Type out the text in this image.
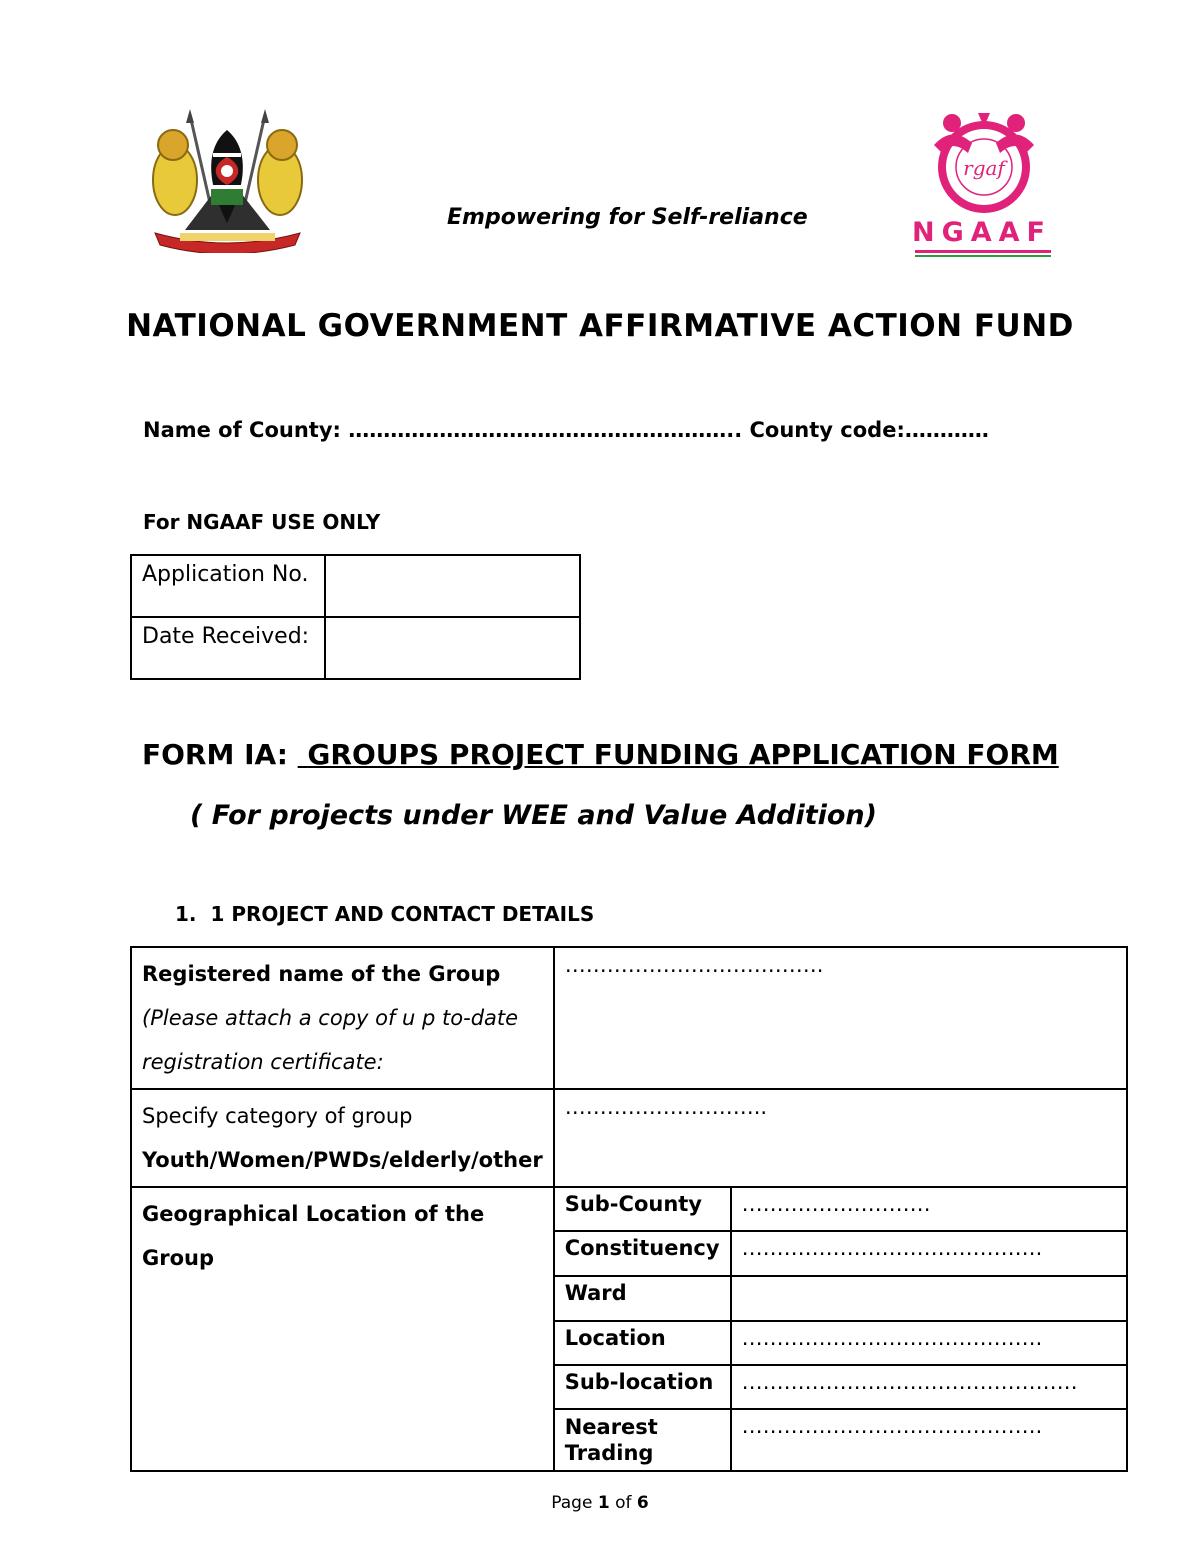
Empowering for Self-reliance
rgaf
NGAAF
NATIONAL GOVERNMENT AFFIRMATIVE ACTION FUND
Name of County: ……………………………………………….. County code:…………
For NGAAF USE ONLY
Application No.	
Date Received:	
FORM IA: GROUPS PROJECT FUNDING APPLICATION FORM
( For projects under WEE and Value Addition)
1. 1 PROJECT AND CONTACT DETAILS
Registered name of the Group
(Please attach a copy of u p to-date registration certificate:	……………………………….	

Specify category of group
Youth/Women/PWDs/elderly/other	………………………..	
Geographical Location of the Group	Sub-County	………………………
	Constituency	…………………………………….
	Ward	
	Location	…………………………………….
	Sub-location	…………………………………………
	Nearest Trading	…………………………………….
Page 1 of 6
